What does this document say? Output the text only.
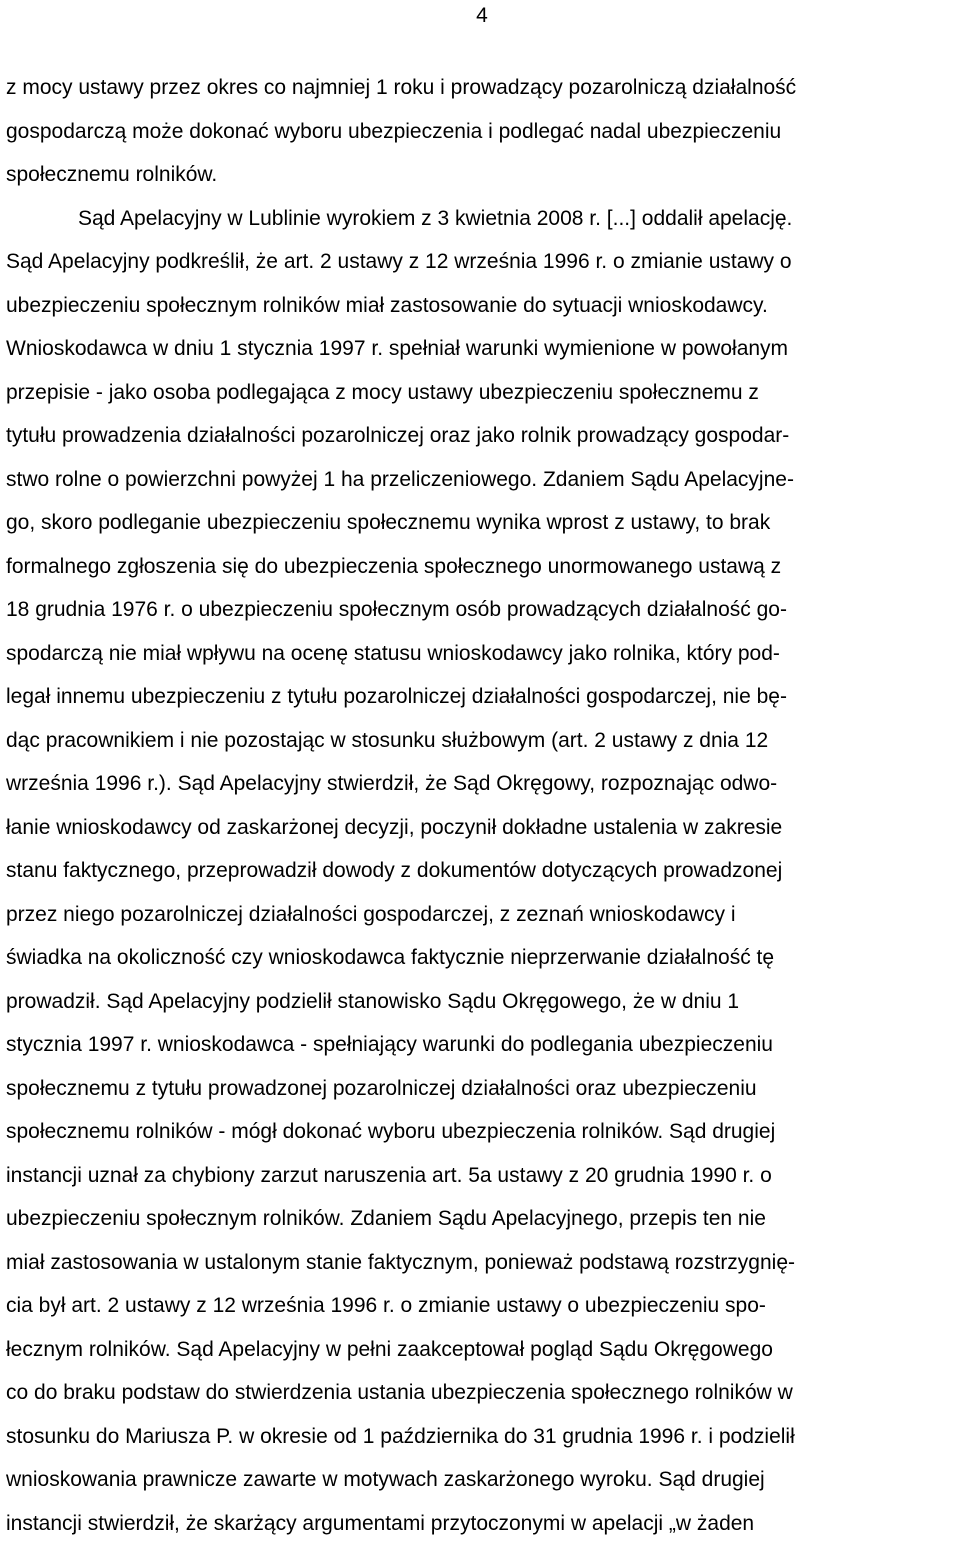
4
z mocy ustawy przez okres co najmniej 1 roku i prowadzący pozarolniczą działalność
gospodarczą może dokonać wyboru ubezpieczenia i podlegać nadal ubezpieczeniu
społecznemu rolników.
Sąd Apelacyjny w Lublinie wyrokiem z 3 kwietnia 2008 r. [...] oddalił apelację.
Sąd Apelacyjny podkreślił, że art. 2 ustawy z 12 września 1996 r. o zmianie ustawy o
ubezpieczeniu społecznym rolników miał zastosowanie do sytuacji wnioskodawcy.
Wnioskodawca w dniu 1 stycznia 1997 r. spełniał warunki wymienione w powołanym
przepisie - jako osoba podlegająca z mocy ustawy ubezpieczeniu społecznemu z
tytułu prowadzenia działalności pozarolniczej oraz jako rolnik prowadzący gospodar-
stwo rolne o powierzchni powyżej 1 ha przeliczeniowego. Zdaniem Sądu Apelacyjne-
go, skoro podleganie ubezpieczeniu społecznemu wynika wprost z ustawy, to brak
formalnego zgłoszenia się do ubezpieczenia społecznego unormowanego ustawą z
18 grudnia 1976 r. o ubezpieczeniu społecznym osób prowadzących działalność go-
spodarczą nie miał wpływu na ocenę statusu wnioskodawcy jako rolnika, który pod-
legał innemu ubezpieczeniu z tytułu pozarolniczej działalności gospodarczej, nie bę-
dąc pracownikiem i nie pozostając w stosunku służbowym (art. 2 ustawy z dnia 12
września 1996 r.). Sąd Apelacyjny stwierdził, że Sąd Okręgowy, rozpoznając odwo-
łanie wnioskodawcy od zaskarżonej decyzji, poczynił dokładne ustalenia w zakresie
stanu faktycznego, przeprowadził dowody z dokumentów dotyczących prowadzonej
przez niego pozarolniczej działalności gospodarczej, z zeznań wnioskodawcy i
świadka na okoliczność czy wnioskodawca faktycznie nieprzerwanie działalność tę
prowadził. Sąd Apelacyjny podzielił stanowisko Sądu Okręgowego, że w dniu 1
stycznia 1997 r. wnioskodawca - spełniający warunki do podlegania ubezpieczeniu
społecznemu z tytułu prowadzonej pozarolniczej działalności oraz ubezpieczeniu
społecznemu rolników - mógł dokonać wyboru ubezpieczenia rolników. Sąd drugiej
instancji uznał za chybiony zarzut naruszenia art. 5a ustawy z 20 grudnia 1990 r. o
ubezpieczeniu społecznym rolników. Zdaniem Sądu Apelacyjnego, przepis ten nie
miał zastosowania w ustalonym stanie faktycznym, ponieważ podstawą rozstrzygnię-
cia był art. 2 ustawy z 12 września 1996 r. o zmianie ustawy o ubezpieczeniu spo-
łecznym rolników. Sąd Apelacyjny w pełni zaakceptował pogląd Sądu Okręgowego
co do braku podstaw do stwierdzenia ustania ubezpieczenia społecznego rolników w
stosunku do Mariusza P. w okresie od 1 października do 31 grudnia 1996 r. i podzielił
wnioskowania prawnicze zawarte w motywach zaskarżonego wyroku. Sąd drugiej
instancji stwierdził, że skarżący argumentami przytoczonymi w apelacji „w żaden
